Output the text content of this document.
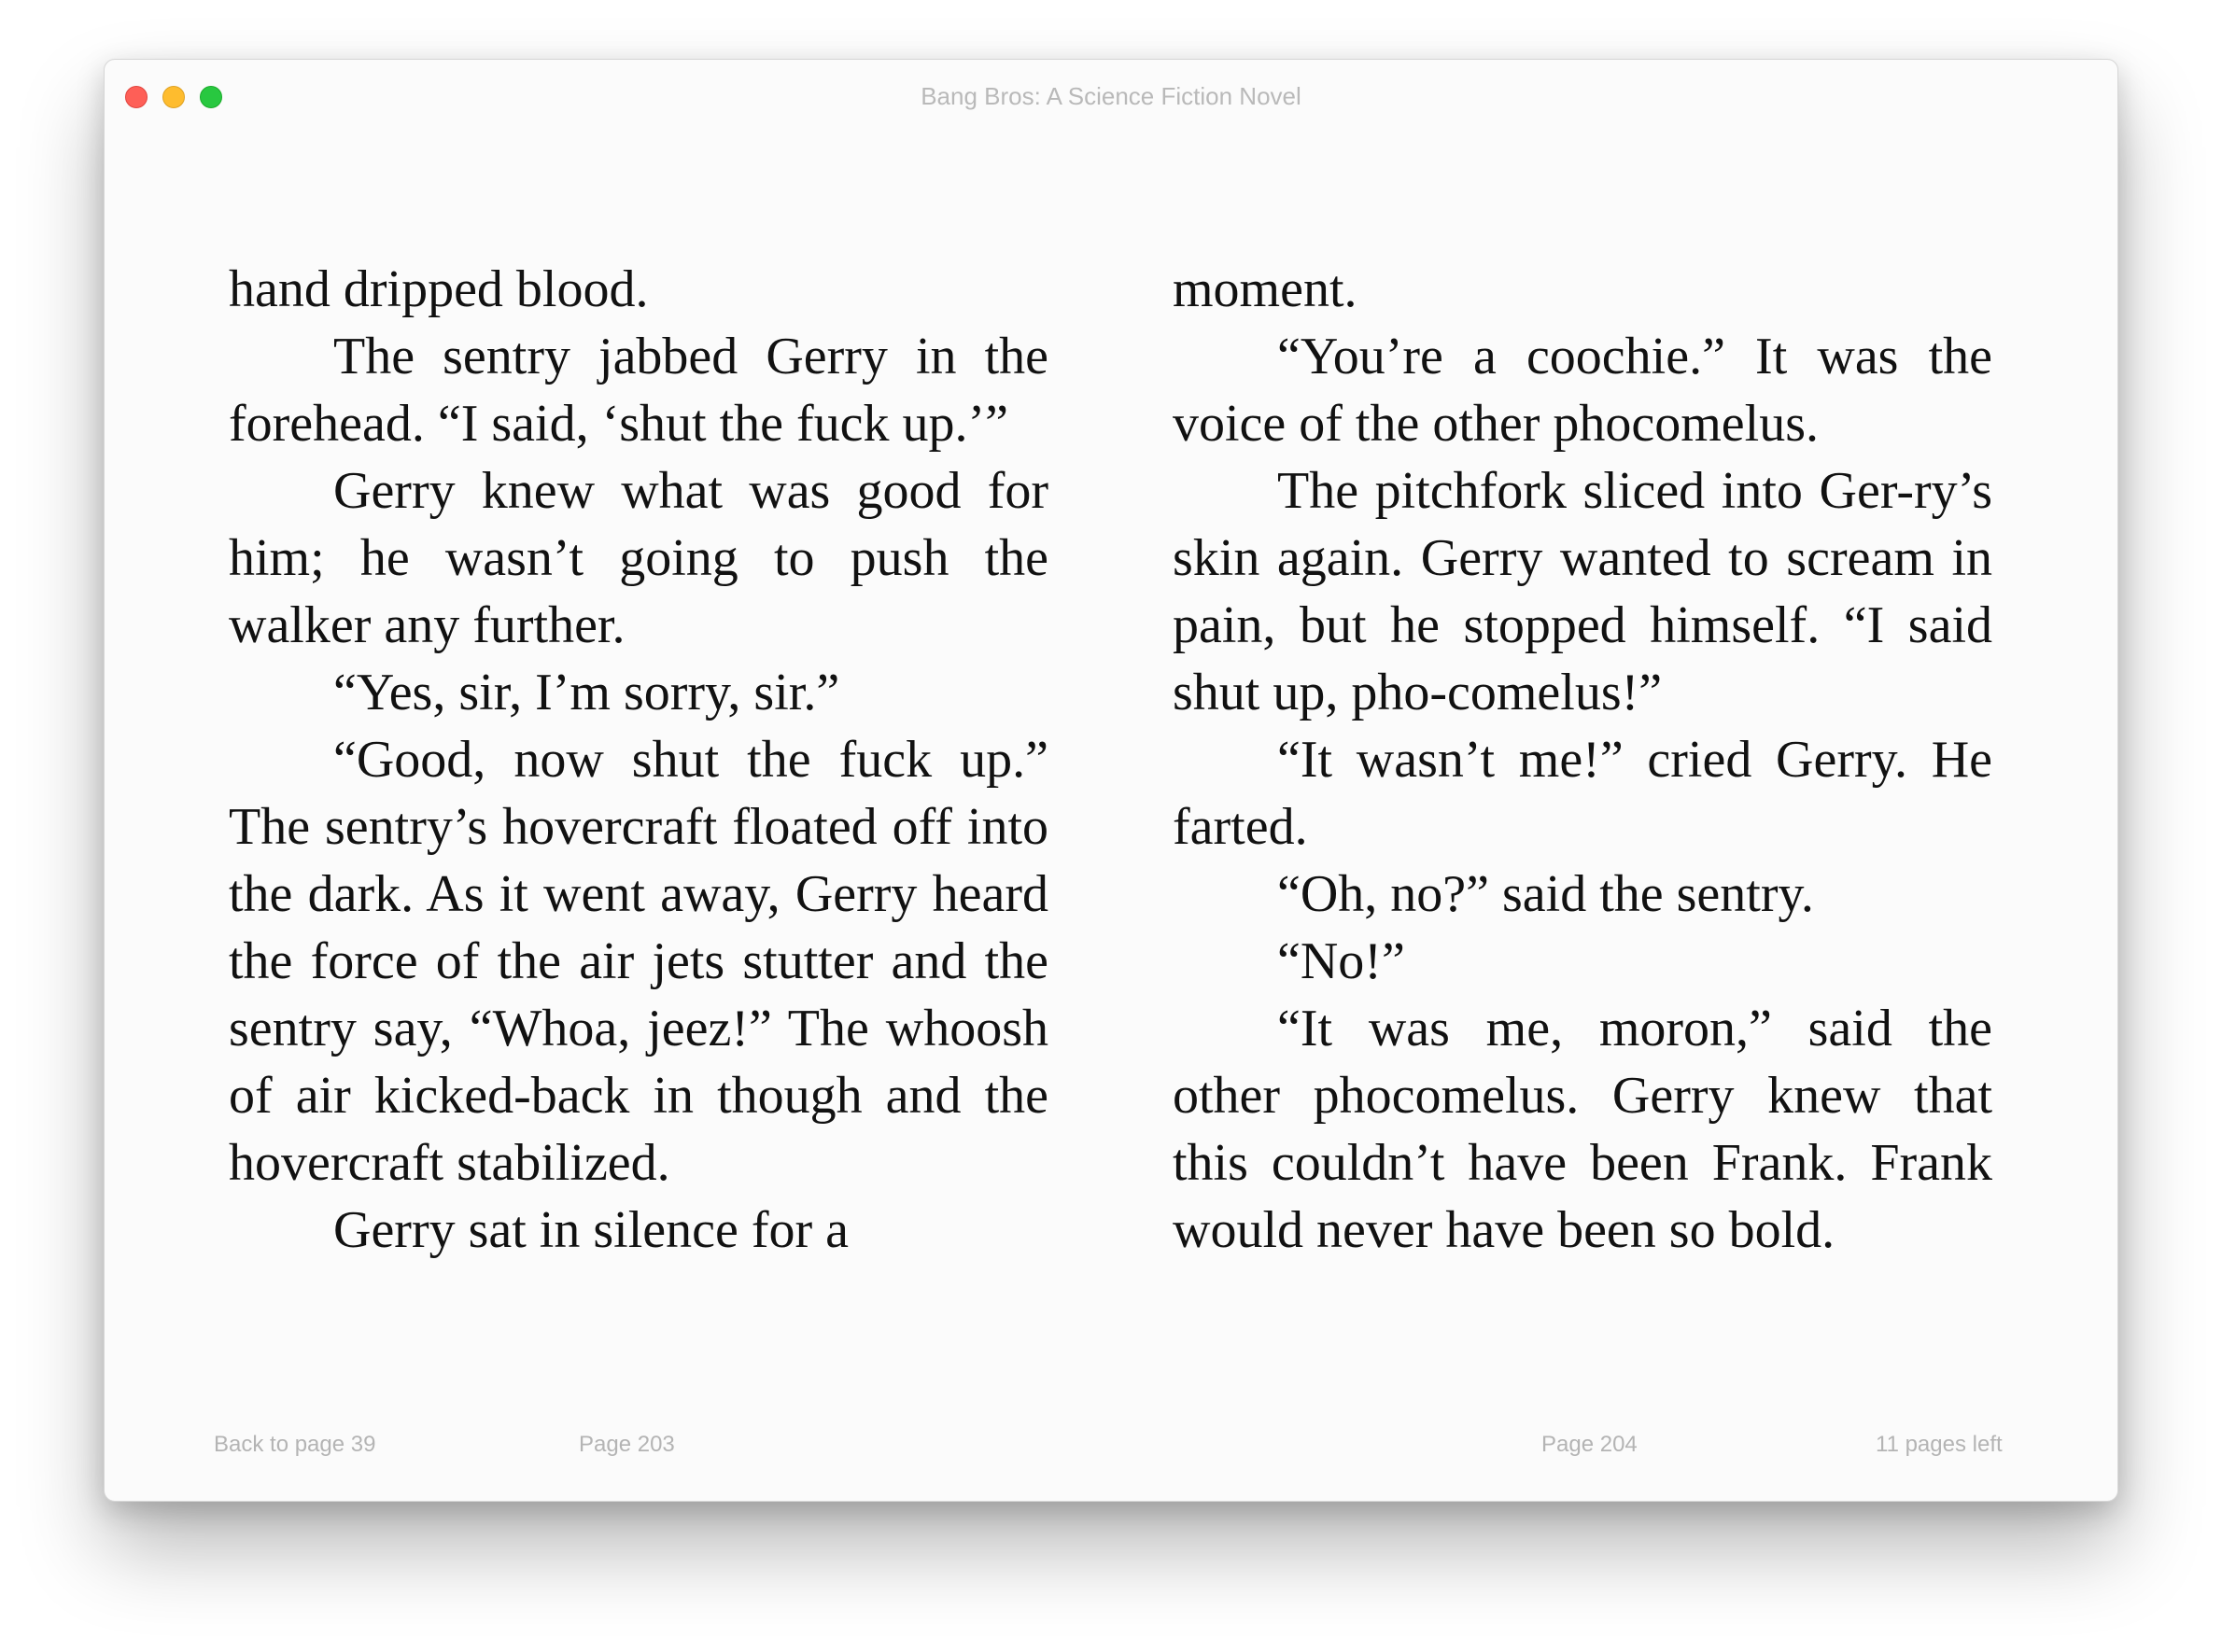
Bang Bros: A Science Fiction Novel

hand dripped blood.

The sentry jabbed Gerry in the forehead. “I said, ‘shut the fuck up.’”

Gerry knew what was good for him; he wasn’t going to push the walker any further.

“Yes, sir, I’m sorry, sir.”

“Good, now shut the fuck up.” The sentry’s hovercraft floated off into the dark. As it went away, Gerry heard the force of the air jets stutter and the sentry say, “Whoa, jeez!” The whoosh of air kicked-back in though and the hovercraft stabilized.

Gerry sat in silence for a

moment.

“You’re a coochie.” It was the voice of the other phocomelus.

The pitchfork sliced into Ger-ry’s skin again. Gerry wanted to scream in pain, but he stopped himself. “I said shut up, pho-comelus!”

“It wasn’t me!” cried Gerry. He farted.

“Oh, no?” said the sentry.

“No!”

“It was me, moron,” said the other phocomelus. Gerry knew that this couldn’t have been Frank. Frank would never have been so bold.

Back to page 39	Page 203	Page 204	11 pages left
